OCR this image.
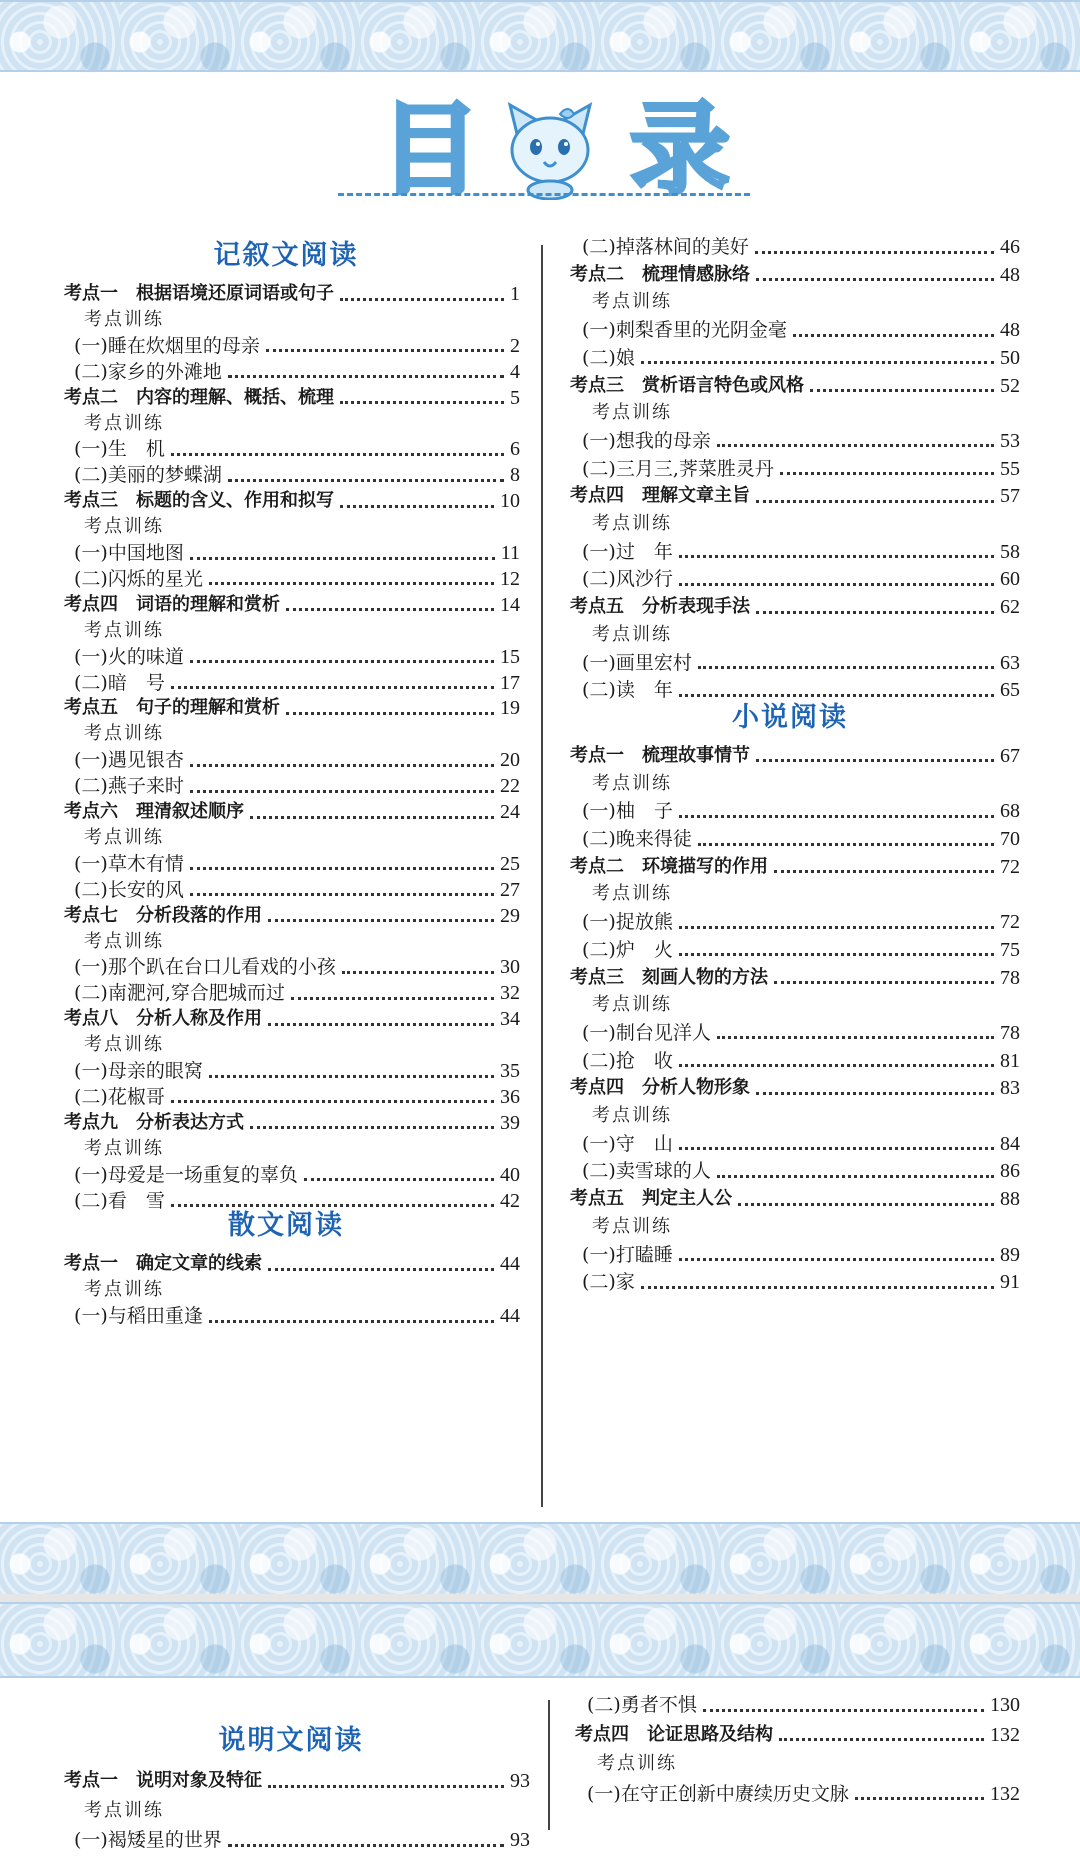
目 录
记叙文阅读
考点一　根据语境还原词语或句子	1
考点训练
(一)睡在炊烟里的母亲	2
(二)家乡的外滩地	4
考点二　内容的理解、概括、梳理	5
考点训练
(一)生　机	6
(二)美丽的梦蝶湖	8
考点三　标题的含义、作用和拟写	10
考点训练
(一)中国地图	11
(二)闪烁的星光	12
考点四　词语的理解和赏析	14
考点训练
(一)火的味道	15
(二)暗　号	17
考点五　句子的理解和赏析	19
考点训练
(一)遇见银杏	20
(二)燕子来时	22
考点六　理清叙述顺序	24
考点训练
(一)草木有情	25
(二)长安的风	27
考点七　分析段落的作用	29
考点训练
(一)那个趴在台口儿看戏的小孩	30
(二)南淝河,穿合肥城而过	32
考点八　分析人称及作用	34
考点训练
(一)母亲的眼窝	35
(二)花椒哥	36
考点九　分析表达方式	39
考点训练
(一)母爱是一场重复的辜负	40
(二)看　雪	42
散文阅读
考点一　确定文章的线索	44
考点训练
(一)与稻田重逢	44
(二)掉落林间的美好	46
考点二　梳理情感脉络	48
考点训练
(一)刺梨香里的光阴金毫	48
(二)娘	50
考点三　赏析语言特色或风格	52
考点训练
(一)想我的母亲	53
(二)三月三,荠菜胜灵丹	55
考点四　理解文章主旨	57
考点训练
(一)过　年	58
(二)风沙行	60
考点五　分析表现手法	62
考点训练
(一)画里宏村	63
(二)读　年	65
小说阅读
考点一　梳理故事情节	67
考点训练
(一)柚　子	68
(二)晚来得徒	70
考点二　环境描写的作用	72
考点训练
(一)捉放熊	72
(二)炉　火	75
考点三　刻画人物的方法	78
考点训练
(一)制台见洋人	78
(二)抢　收	81
考点四　分析人物形象	83
考点训练
(一)守　山	84
(二)卖雪球的人	86
考点五　判定主人公	88
考点训练
(一)打瞌睡	89
(二)家	91
说明文阅读
考点一　说明对象及特征	93
考点训练
(一)褐矮星的世界	93
(二)勇者不惧	130
考点四　论证思路及结构	132
考点训练
(一)在守正创新中赓续历史文脉	132
